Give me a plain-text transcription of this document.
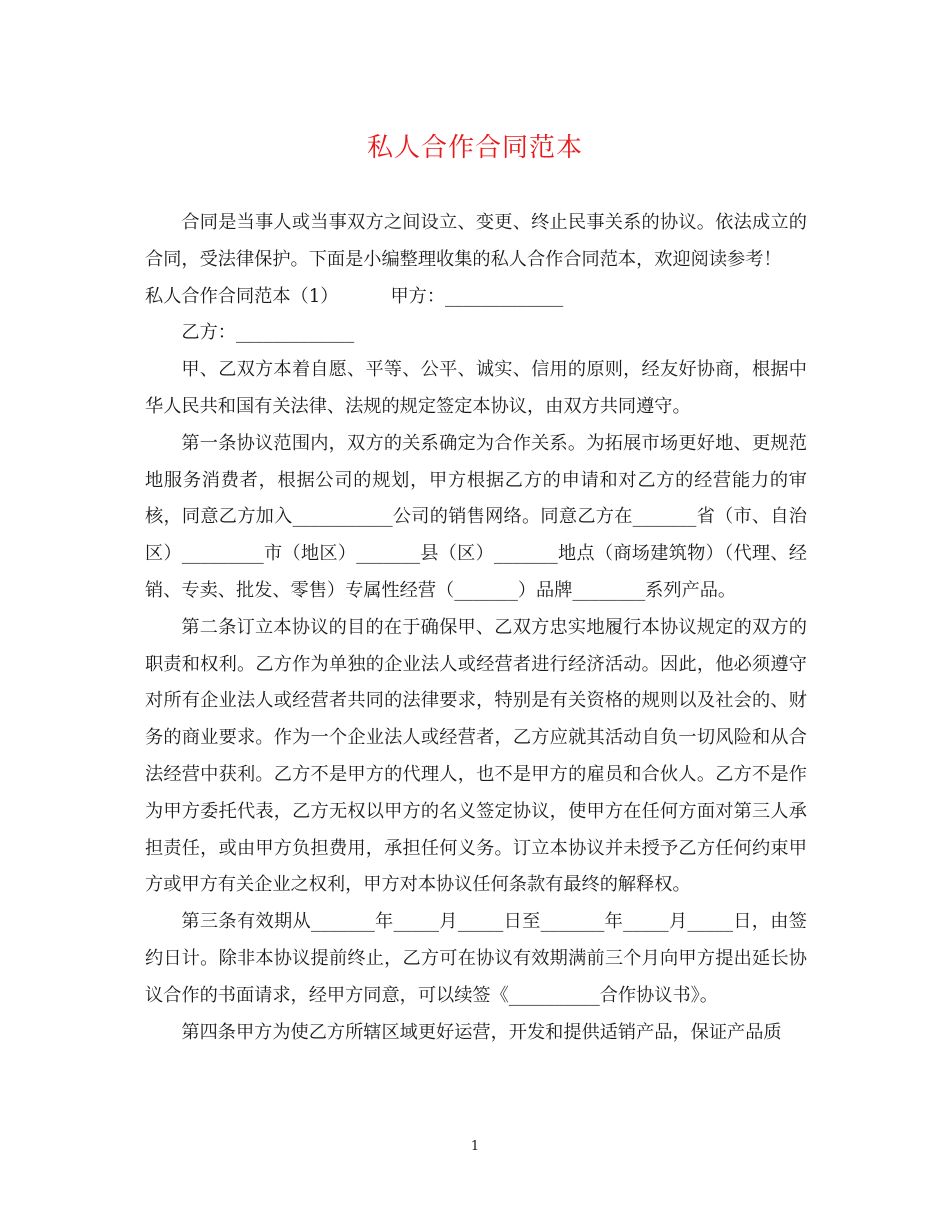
私人合作合同范本

合同是当事人或当事双方之间设立、变更、终止民事关系的协议。依法成立的合同，受法律保护。下面是小编整理收集的私人合作合同范本，欢迎阅读参考！

私人合作合同范本（1）	甲方：_____________

乙方：_____________

甲、乙双方本着自愿、平等、公平、诚实、信用的原则，经友好协商，根据中华人民共和国有关法律、法规的规定签定本协议，由双方共同遵守。

第一条协议范围内，双方的关系确定为合作关系。为拓展市场更好地、更规范地服务消费者，根据公司的规划，甲方根据乙方的申请和对乙方的经营能力的审核，同意乙方加入___________公司的销售网络。同意乙方在_______省（市、自治区）_________市（地区）_______县（区）_______地点（商场建筑物）（代理、经销、专卖、批发、零售）专属性经营（_______）品牌________系列产品。

第二条订立本协议的目的在于确保甲、乙双方忠实地履行本协议规定的双方的职责和权利。乙方作为单独的企业法人或经营者进行经济活动。因此，他必须遵守对所有企业法人或经营者共同的法律要求，特别是有关资格的规则以及社会的、财务的商业要求。作为一个企业法人或经营者，乙方应就其活动自负一切风险和从合法经营中获利。乙方不是甲方的代理人，也不是甲方的雇员和合伙人。乙方不是作为甲方委托代表，乙方无权以甲方的名义签定协议，使甲方在任何方面对第三人承担责任，或由甲方负担费用，承担任何义务。订立本协议并未授予乙方任何约束甲方或甲方有关企业之权利，甲方对本协议任何条款有最终的解释权。

第三条有效期从_______年_____月_____日至_______年_____月_____日，由签约日计。除非本协议提前终止，乙方可在协议有效期满前三个月向甲方提出延长协议合作的书面请求，经甲方同意，可以续签《__________合作协议书》。

第四条甲方为使乙方所辖区域更好运营，开发和提供适销产品，保证产品质

1
